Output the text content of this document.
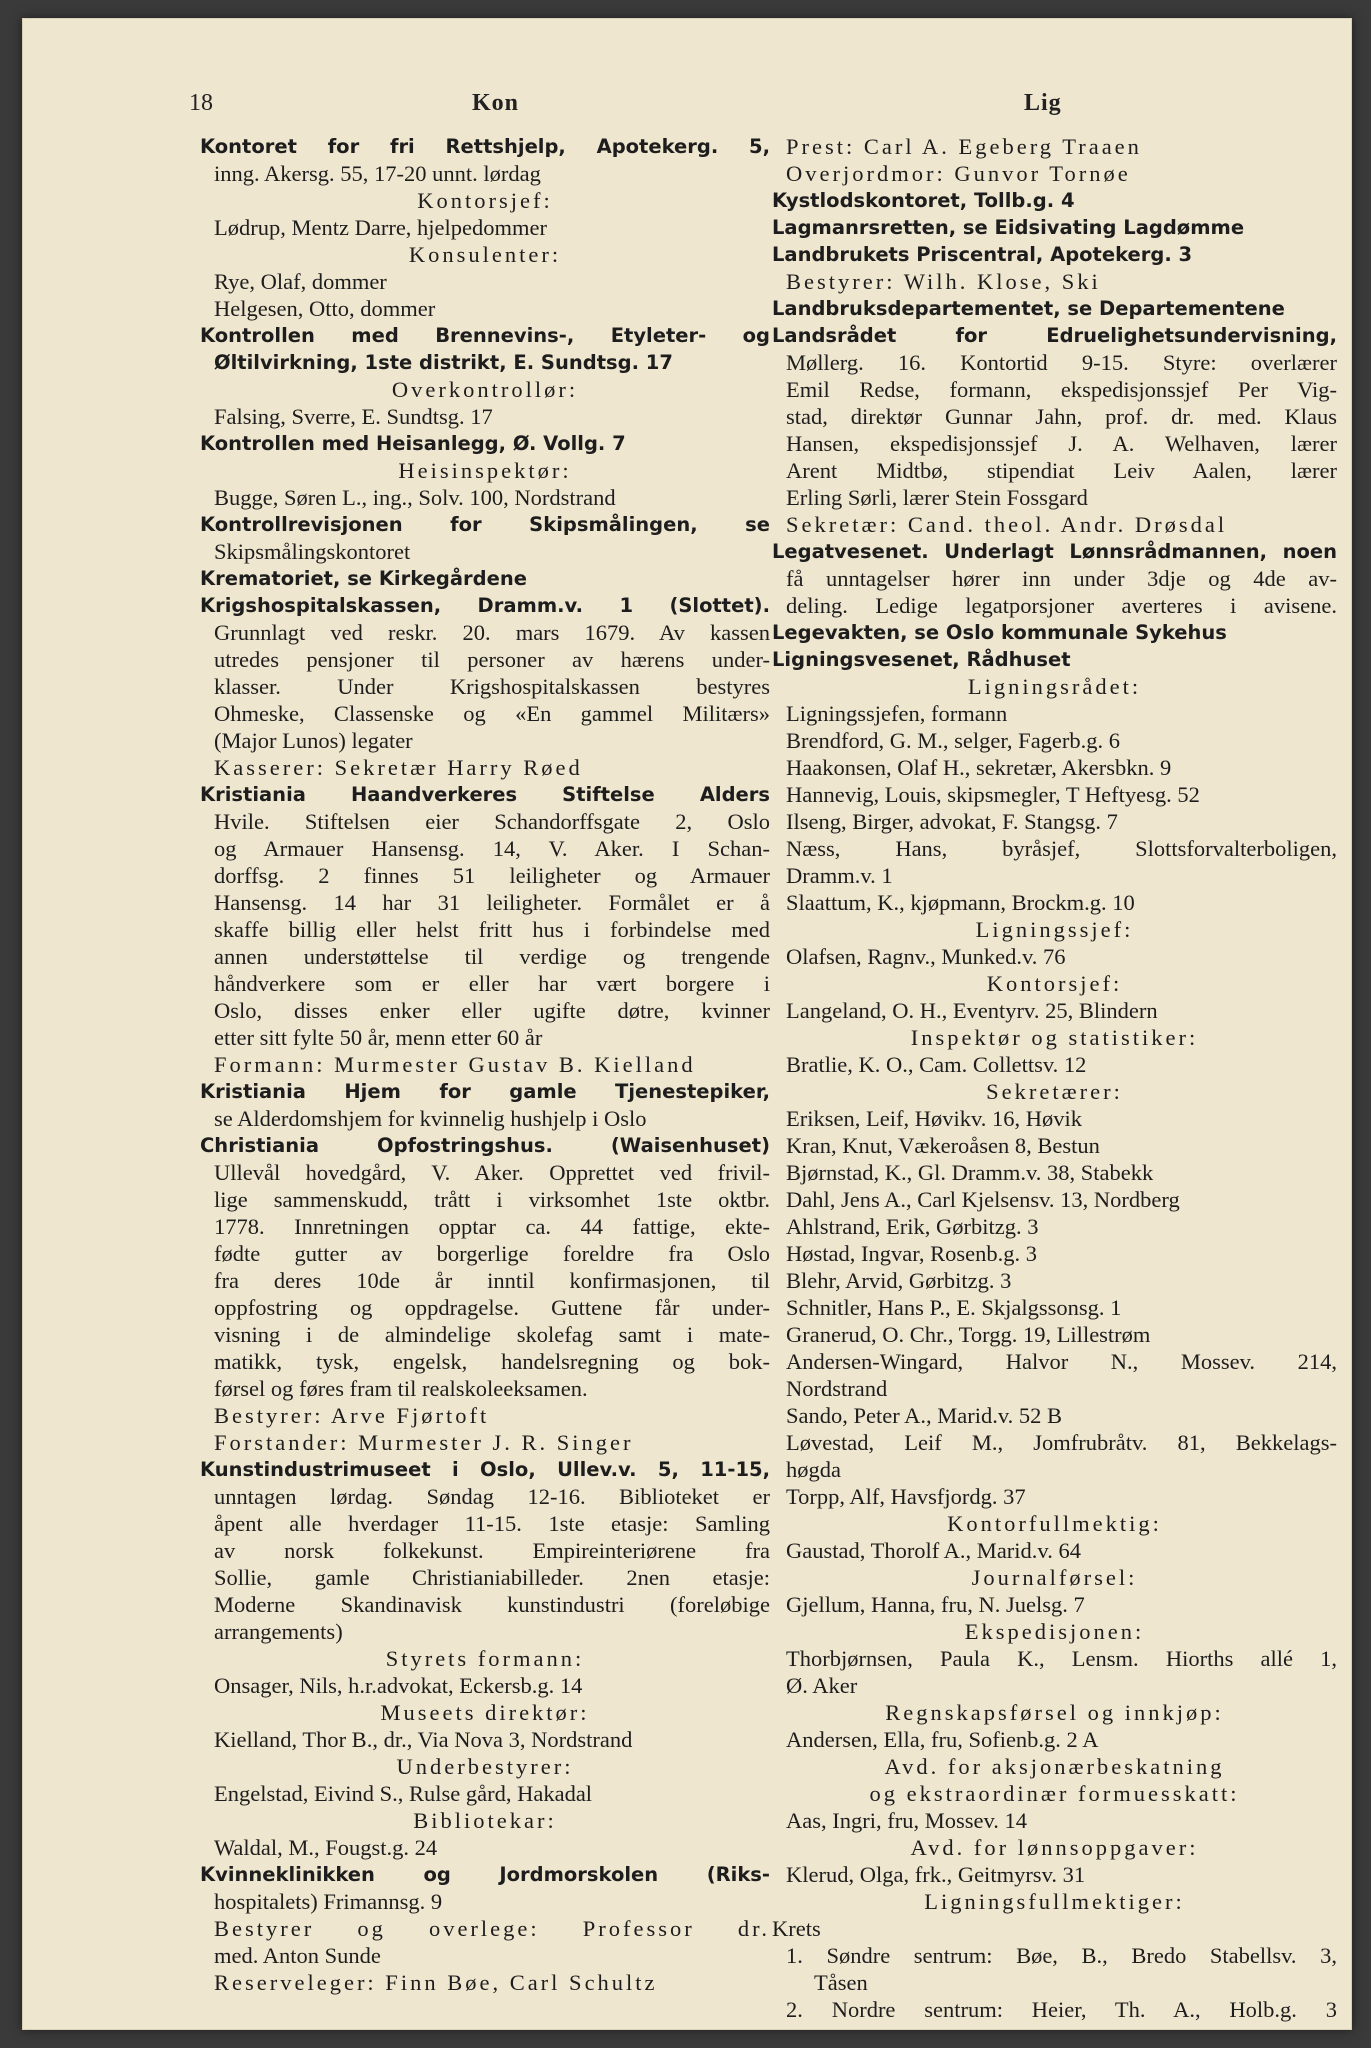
18	Kon	Lig
Kontoret for fri Rettshjelp, Apotekerg. 5,
inng. Akersg. 55, 17-20 unnt. lørdag
Kontorsjef:
Lødrup, Mentz Darre, hjelpedommer
Konsulenter:
Rye, Olaf, dommer
Helgesen, Otto, dommer
Kontrollen med Brennevins-, Etyleter- og
Øltilvirkning, 1ste distrikt, E. Sundtsg. 17
Overkontrollør:
Falsing, Sverre, E. Sundtsg. 17
Kontrollen med Heisanlegg, Ø. Vollg. 7
Heisinspektør:
Bugge, Søren L., ing., Solv. 100, Nordstrand
Kontrollrevisjonen for Skipsmålingen, se
Skipsmålingskontoret
Krematoriet, se Kirkegårdene
Krigshospitalskassen, Dramm.v. 1 (Slottet).
Grunnlagt ved reskr. 20. mars 1679. Av kassen
utredes pensjoner til personer av hærens under-
klasser. Under Krigshospitalskassen bestyres
Ohmeske, Classenske og «En gammel Militærs»
(Major Lunos) legater
Kasserer: Sekretær Harry Røed
Kristiania Haandverkeres Stiftelse Alders
Hvile. Stiftelsen eier Schandorffsgate 2, Oslo
og Armauer Hansensg. 14, V. Aker. I Schan-
dorffsg. 2 finnes 51 leiligheter og Armauer
Hansensg. 14 har 31 leiligheter. Formålet er å
skaffe billig eller helst fritt hus i forbindelse med
annen understøttelse til verdige og trengende
håndverkere som er eller har vært borgere i
Oslo, disses enker eller ugifte døtre, kvinner
etter sitt fylte 50 år, menn etter 60 år
Formann: Murmester Gustav B. Kielland
Kristiania Hjem for gamle Tjenestepiker,
se Alderdomshjem for kvinnelig hushjelp i Oslo
Christiania Opfostringshus. (Waisenhuset)
Ullevål hovedgård, V. Aker. Opprettet ved frivil-
lige sammenskudd, trått i virksomhet 1ste oktbr.
1778. Innretningen opptar ca. 44 fattige, ekte-
fødte gutter av borgerlige foreldre fra Oslo
fra deres 10de år inntil konfirmasjonen, til
oppfostring og oppdragelse. Guttene får under-
visning i de almindelige skolefag samt i mate-
matikk, tysk, engelsk, handelsregning og bok-
førsel og føres fram til realskoleeksamen.
Bestyrer: Arve Fjørtoft
Forstander: Murmester J. R. Singer
Kunstindustrimuseet i Oslo, Ullev.v. 5, 11-15,
unntagen lørdag. Søndag 12-16. Biblioteket er
åpent alle hverdager 11-15. 1ste etasje: Samling
av norsk folkekunst. Empireinteriørene fra
Sollie, gamle Christianiabilleder. 2nen etasje:
Moderne Skandinavisk kunstindustri (foreløbige
arrangements)
Styrets formann:
Onsager, Nils, h.r.advokat, Eckersb.g. 14
Museets direktør:
Kielland, Thor B., dr., Via Nova 3, Nordstrand
Underbestyrer:
Engelstad, Eivind S., Rulse gård, Hakadal
Bibliotekar:
Waldal, M., Fougst.g. 24
Kvinneklinikken og Jordmorskolen (Riks-
hospitalets) Frimannsg. 9
Bestyrer og overlege: Professor dr.
med. Anton Sunde
Reserveleger: Finn Bøe, Carl Schultz
Prest: Carl A. Egeberg Traaen
Overjordmor: Gunvor Tornøe
Kystlodskontoret, Tollb.g. 4
Lagmanrsretten, se Eidsivating Lagdømme
Landbrukets Priscentral, Apotekerg. 3
Bestyrer: Wilh. Klose, Ski
Landbruksdepartementet, se Departementene
Landsrådet for Edruelighetsundervisning,
Møllerg. 16. Kontortid 9-15. Styre: overlærer
Emil Redse, formann, ekspedisjonssjef Per Vig-
stad, direktør Gunnar Jahn, prof. dr. med. Klaus
Hansen, ekspedisjonssjef J. A. Welhaven, lærer
Arent Midtbø, stipendiat Leiv Aalen, lærer
Erling Sørli, lærer Stein Fossgard
Sekretær: Cand. theol. Andr. Drøsdal
Legatvesenet. Underlagt Lønnsrådmannen, noen
få unntagelser hører inn under 3dje og 4de av-
deling. Ledige legatporsjoner averteres i avisene.
Legevakten, se Oslo kommunale Sykehus
Ligningsvesenet, Rådhuset
Ligningsrådet:
Ligningssjefen, formann
Brendford, G. M., selger, Fagerb.g. 6
Haakonsen, Olaf H., sekretær, Akersbkn. 9
Hannevig, Louis, skipsmegler, T Heftyesg. 52
Ilseng, Birger, advokat, F. Stangsg. 7
Næss, Hans, byråsjef, Slottsforvalterboligen,
Dramm.v. 1
Slaattum, K., kjøpmann, Brockm.g. 10
Ligningssjef:
Olafsen, Ragnv., Munked.v. 76
Kontorsjef:
Langeland, O. H., Eventyrv. 25, Blindern
Inspektør og statistiker:
Bratlie, K. O., Cam. Collettsv. 12
Sekretærer:
Eriksen, Leif, Høvikv. 16, Høvik
Kran, Knut, Vækeroåsen 8, Bestun
Bjørnstad, K., Gl. Dramm.v. 38, Stabekk
Dahl, Jens A., Carl Kjelsensv. 13, Nordberg
Ahlstrand, Erik, Gørbitzg. 3
Høstad, Ingvar, Rosenb.g. 3
Blehr, Arvid, Gørbitzg. 3
Schnitler, Hans P., E. Skjalgssonsg. 1
Granerud, O. Chr., Torgg. 19, Lillestrøm
Andersen-Wingard, Halvor N., Mossev. 214,
Nordstrand
Sando, Peter A., Marid.v. 52 B
Løvestad, Leif M., Jomfrubråtv. 81, Bekkelags-
høgda
Torpp, Alf, Havsfjordg. 37
Kontorfullmektig:
Gaustad, Thorolf A., Marid.v. 64
Journalførsel:
Gjellum, Hanna, fru, N. Juelsg. 7
Ekspedisjonen:
Thorbjørnsen, Paula K., Lensm. Hiorths allé 1,
Ø. Aker
Regnskapsførsel og innkjøp:
Andersen, Ella, fru, Sofienb.g. 2 A
Avd. for aksjonærbeskatning
og ekstraordinær formuesskatt:
Aas, Ingri, fru, Mossev. 14
Avd. for lønnsoppgaver:
Klerud, Olga, frk., Geitmyrsv. 31
Ligningsfullmektiger:
Krets
1. Søndre sentrum: Bøe, B., Bredo Stabellsv. 3,
Tåsen
2. Nordre sentrum: Heier, Th. A., Holb.g. 3
